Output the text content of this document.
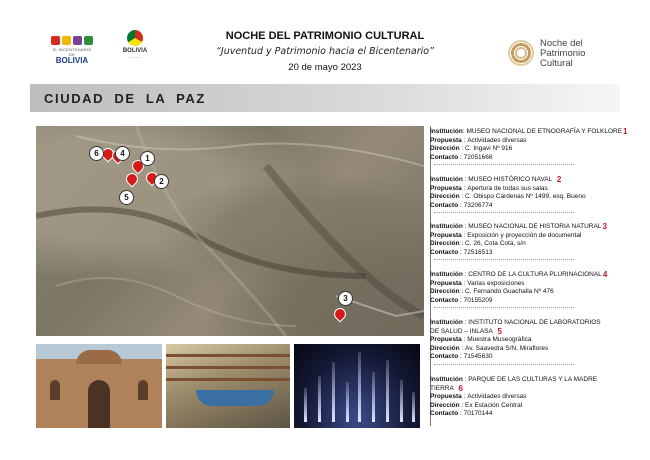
EL BICENTENARIO DE
BOLIVIA
BOLIVIA
————
NOCHE DEL PATRIMONIO CULTURAL
“Juventud y Patrimonio hacia el Bicentenario”
20 de mayo 2023
Noche del
Patrimonio
Cultural
CIUDAD DE LA PAZ
6	4
1
2
5
3
Institución : MUSEO NACIONAL DE ETNOGRAFÍA Y FOLKLORE 1
Propuesta : Actividades diversas
Dirección : C. Ingavi Nº 916
Contacto : 72051666
Institución : MUSEO HISTÓRICO NAVAL
2
Propuesta : Apertura de todas sus salas
Dirección : C. Obispo Cárdenas Nº 1499, esq. Bueno
Contacto : 73206774
Institución : MUSEO NACIONAL DE HISTORIA NATURAL 3
Propuesta : Exposición y proyección de documental
Dirección : C. 26, Cota Cota, s/n
Contacto : 72516513
Institución : CENTRO DE LA CULTURA PLURINACIONAL 4
Propuesta : Varias exposiciones
Dirección : C. Fernando Guachalla Nº 476
Contacto : 70155209
Institución : INSTITUTO NACIONAL DE LABORATORIOS
DE SALUD – INLASA
5
Propuesta : Muestra Museográfica
Dirección : Av. Saavedra S/N, Miraflores
Contacto : 71545630
Institución : PARQUE DE LAS CULTURAS Y LA MADRE
TIERRA
6
Propuesta : Actividades diversas
Dirección : Ex Estación Central
Contacto : 70170144
